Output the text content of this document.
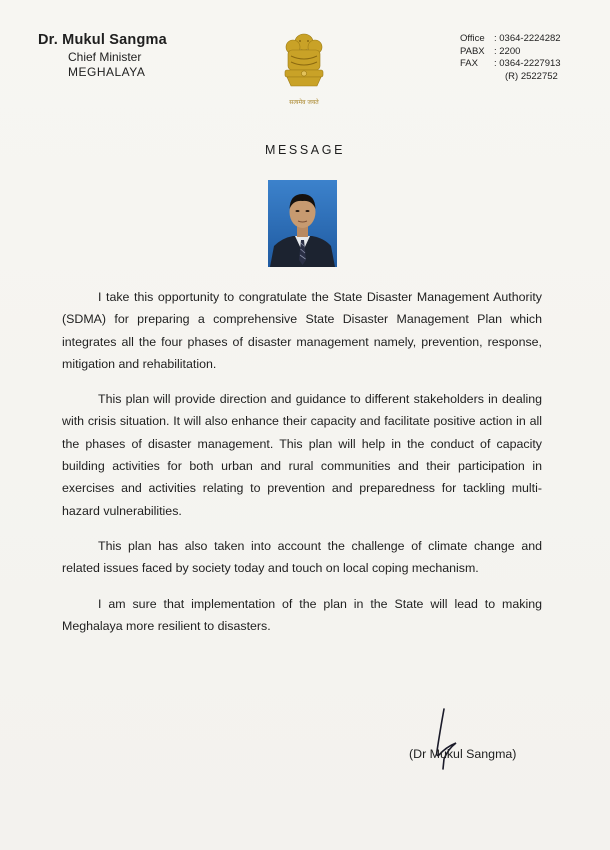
Dr. Mukul Sangma
Chief Minister
MEGHALAYA
सत्यमेव जयते
Office : 0364-2224282
PABX : 2200
FAX	: 0364-2227913
(R) 2522752
MESSAGE

I take this opportunity to congratulate the State Disaster Management Authority (SDMA) for preparing a comprehensive State Disaster Management Plan which integrates all the four phases of disaster management namely, prevention, response, mitigation and rehabilitation.

This plan will provide direction and guidance to different stakeholders in dealing with crisis situation. It will also enhance their capacity and facilitate positive action in all the phases of disaster management. This plan will help in the conduct of capacity building activities for both urban and rural communities and their participation in exercises and activities relating to prevention and preparedness for tackling multi-hazard vulnerabilities.

This plan has also taken into account the challenge of climate change and related issues faced by society today and touch on local coping mechanism.

I am sure that implementation of the plan in the State will lead to making Meghalaya more resilient to disasters.

(Dr Mukul Sangma)
